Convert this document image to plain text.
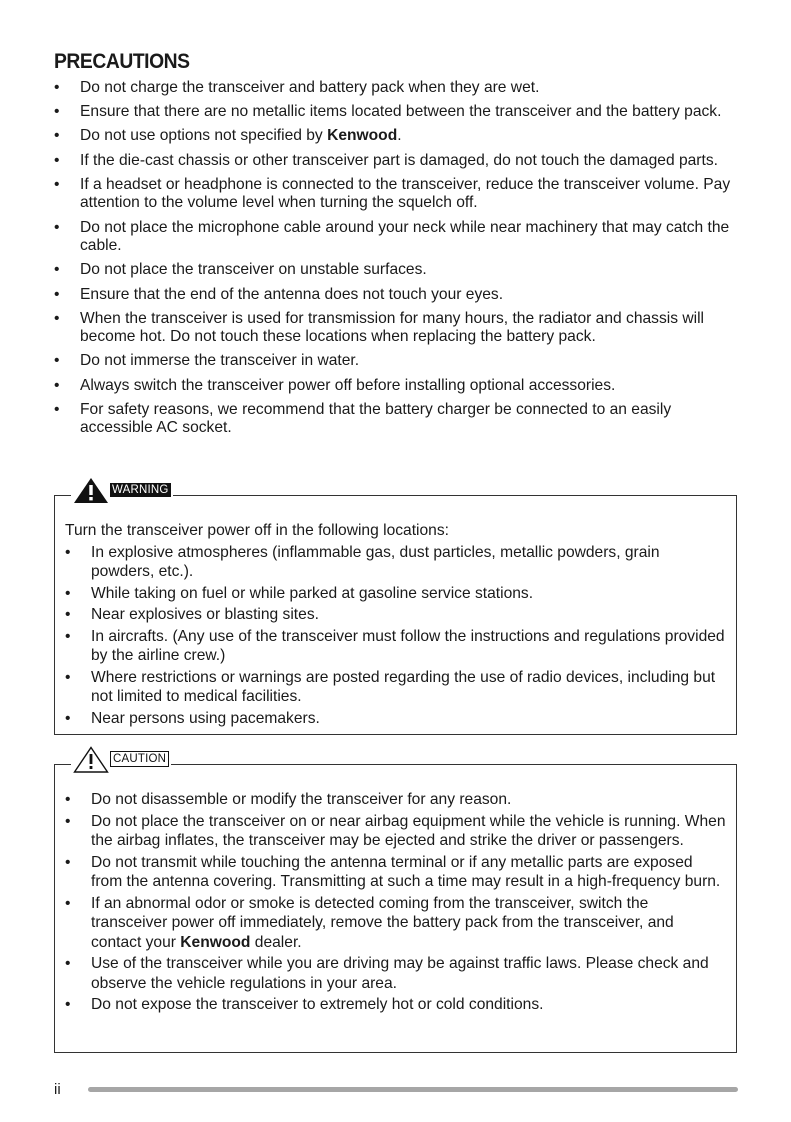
PRECAUTIONS
• Do not charge the transceiver and battery pack when they are wet.
• Ensure that there are no metallic items located between the transceiver and the battery pack.
• Do not use options not specified by Kenwood.
• If the die-cast chassis or other transceiver part is damaged, do not touch the damaged parts.
• If a headset or headphone is connected to the transceiver, reduce the transceiver volume. Pay attention to the volume level when turning the squelch off.
• Do not place the microphone cable around your neck while near machinery that may catch the cable.
• Do not place the transceiver on unstable surfaces.
• Ensure that the end of the antenna does not touch your eyes.
• When the transceiver is used for transmission for many hours, the radiator and chassis will become hot. Do not touch these locations when replacing the battery pack.
• Do not immerse the transceiver in water.
• Always switch the transceiver power off before installing optional accessories.
• For safety reasons, we recommend that the battery charger be connected to an easily accessible AC socket.
WARNING

Turn the transceiver power off in the following locations:

• In explosive atmospheres (inflammable gas, dust particles, metallic powders, grain powders, etc.).
• While taking on fuel or while parked at gasoline service stations.
• Near explosives or blasting sites.
• In aircrafts. (Any use of the transceiver must follow the instructions and regulations provided by the airline crew.)
• Where restrictions or warnings are posted regarding the use of radio devices, including but not limited to medical facilities.
• Near persons using pacemakers.
CAUTION
• Do not disassemble or modify the transceiver for any reason.
• Do not place the transceiver on or near airbag equipment while the vehicle is running. When the airbag inflates, the transceiver may be ejected and strike the driver or passengers.
• Do not transmit while touching the antenna terminal or if any metallic parts are exposed from the antenna covering. Transmitting at such a time may result in a high-frequency burn.
• If an abnormal odor or smoke is detected coming from the transceiver, switch the transceiver power off immediately, remove the battery pack from the transceiver, and contact your Kenwood dealer.
• Use of the transceiver while you are driving may be against traffic laws. Please check and observe the vehicle regulations in your area.
• Do not expose the transceiver to extremely hot or cold conditions.
ii
